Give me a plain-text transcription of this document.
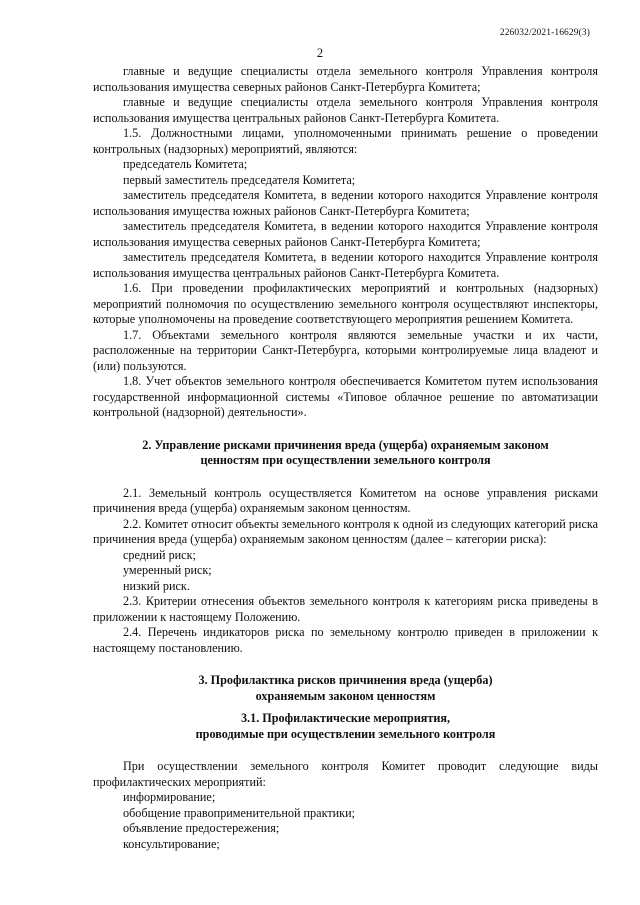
226032/2021-16629(3)
2

главные и ведущие специалисты отдела земельного контроля Управления контроля использования имущества северных районов Санкт-Петербурга Комитета;

главные и ведущие специалисты отдела земельного контроля Управления контроля использования имущества центральных районов Санкт-Петербурга Комитета.

1.5. Должностными лицами, уполномоченными принимать решение о проведении контрольных (надзорных) мероприятий, являются:

председатель Комитета;

первый заместитель председателя Комитета;

заместитель председателя Комитета, в ведении которого находится Управление контроля использования имущества южных районов Санкт-Петербурга Комитета;

заместитель председателя Комитета, в ведении которого находится Управление контроля использования имущества северных районов Санкт-Петербурга Комитета;

заместитель председателя Комитета, в ведении которого находится Управление контроля использования имущества центральных районов Санкт-Петербурга Комитета.

1.6. При проведении профилактических мероприятий и контрольных (надзорных) мероприятий полномочия по осуществлению земельного контроля осуществляют инспекторы, которые уполномочены на проведение соответствующего мероприятия решением Комитета.

1.7. Объектами земельного контроля являются земельные участки и их части, расположенные на территории Санкт-Петербурга, которыми контролируемые лица владеют и (или) пользуются.

1.8. Учет объектов земельного контроля обеспечивается Комитетом путем использования государственной информационной системы «Типовое облачное решение по автоматизации контрольной (надзорной) деятельности».

2. Управление рисками причинения вреда (ущерба) охраняемым законом

ценностям при осуществлении земельного контроля

2.1. Земельный контроль осуществляется Комитетом на основе управления рисками причинения вреда (ущерба) охраняемым законом ценностям.

2.2. Комитет относит объекты земельного контроля к одной из следующих категорий риска причинения вреда (ущерба) охраняемым законом ценностям (далее – категории риска):

средний риск;

умеренный риск;

низкий риск.

2.3. Критерии отнесения объектов земельного контроля к категориям риска приведены в приложении к настоящему Положению.

2.4. Перечень индикаторов риска по земельному контролю приведен в приложении к настоящему постановлению.

3. Профилактика рисков причинения вреда (ущерба)

охраняемым законом ценностям

3.1. Профилактические мероприятия,

проводимые при осуществлении земельного контроля

При осуществлении земельного контроля Комитет проводит следующие виды профилактических мероприятий:

информирование;

обобщение правоприменительной практики;

объявление предостережения;

консультирование;
